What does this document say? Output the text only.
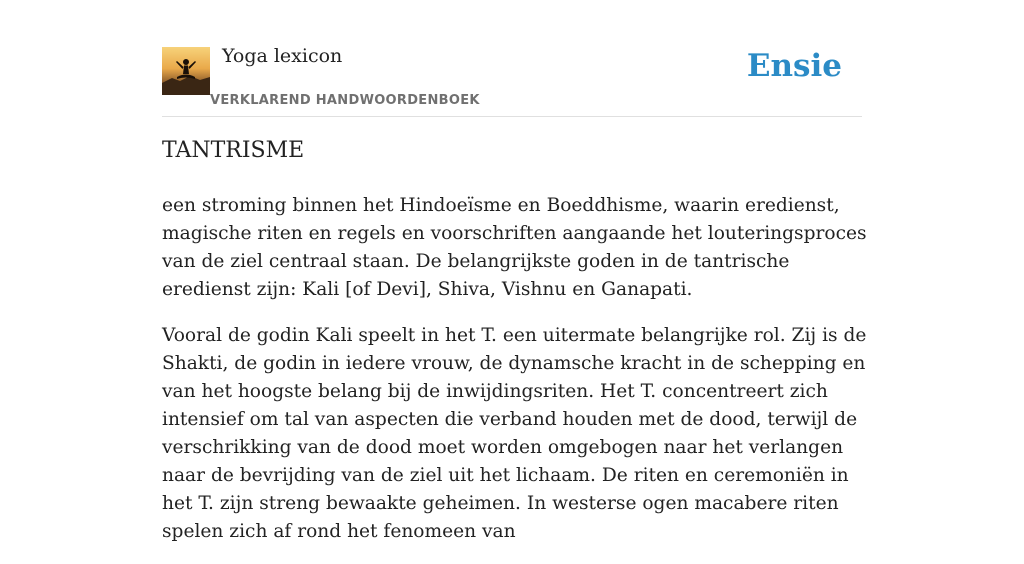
Yoga lexicon
VERKLAREND HANDWOORDENBOEK
Ensie
TANTRISME

een stroming binnen het Hindoeïsme en Boeddhisme, waarin eredienst, magische riten en regels en voorschriften aangaande het louteringsproces van de ziel centraal staan. De belangrijkste goden in de tantrische eredienst zijn: Kali [of Devi], Shiva, Vishnu en Ganapati.

Vooral de godin Kali speelt in het T. een uitermate belangrijke rol. Zij is de Shakti, de godin in iedere vrouw, de dynamsche kracht in de schepping en van het hoogste belang bij de inwijdingsriten. Het T. concentreert zich intensief om tal van aspecten die verband houden met de dood, terwijl de verschrikking van de dood moet worden omgebogen naar het verlangen naar de bevrijding van de ziel uit het lichaam. De riten en ceremoniën in het T. zijn streng bewaakte geheimen. In westerse ogen macabere riten spelen zich af rond het fenomeen van
